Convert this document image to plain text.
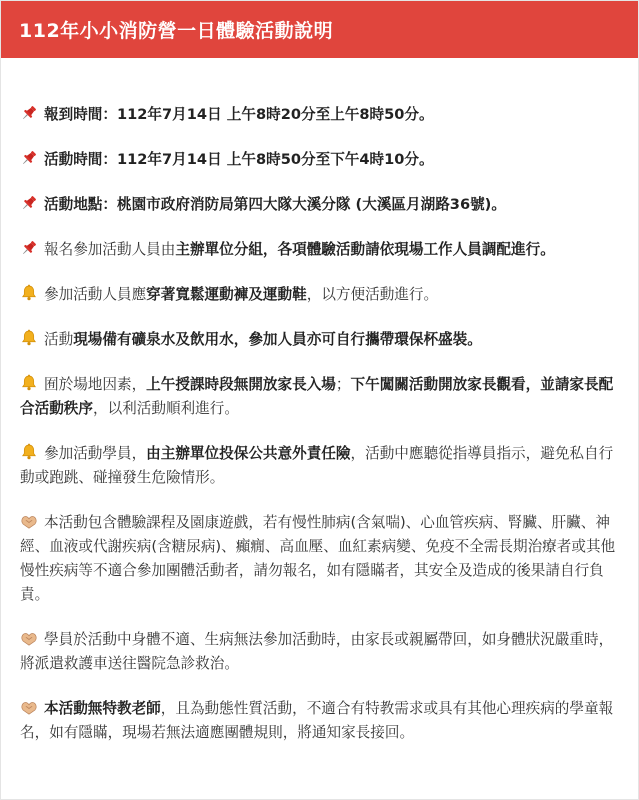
112年小小消防營一日體驗活動說明

報到時間：112年7月14日 上午8時20分至上午8時50分。

活動時間：112年7月14日 上午8時50分至下午4時10分。

活動地點：桃園市政府消防局第四大隊大溪分隊 (大溪區月湖路36號)。

報名參加活動人員由主辦單位分組，各項體驗活動請依現場工作人員調配進行。

參加活動人員應穿著寬鬆運動褲及運動鞋，以方便活動進行。

活動現場備有礦泉水及飲用水，參加人員亦可自行攜帶環保杯盛裝。

囿於場地因素，上午授課時段無開放家長入場；下午闖關活動開放家長觀看，並請家長配合活動秩序，以利活動順利進行。

參加活動學員，由主辦單位投保公共意外責任險，活動中應聽從指導員指示，避免私自行動或跑跳、碰撞發生危險情形。

本活動包含體驗課程及園康遊戲，若有慢性肺病(含氣喘)、心血管疾病、腎臟、肝臟、神經、血液或代謝疾病(含糖尿病)、癲癇、高血壓、血紅素病變、免疫不全需長期治療者或其他慢性疾病等不適合參加團體活動者，請勿報名，如有隱瞞者，其安全及造成的後果請自行負責。

學員於活動中身體不適、生病無法參加活動時，由家長或親屬帶回，如身體狀況嚴重時，將派遣救護車送往醫院急診救治。

本活動無特教老師，且為動態性質活動，不適合有特教需求或具有其他心理疾病的學童報名，如有隱瞞，現場若無法適應團體規則，將通知家長接回。
